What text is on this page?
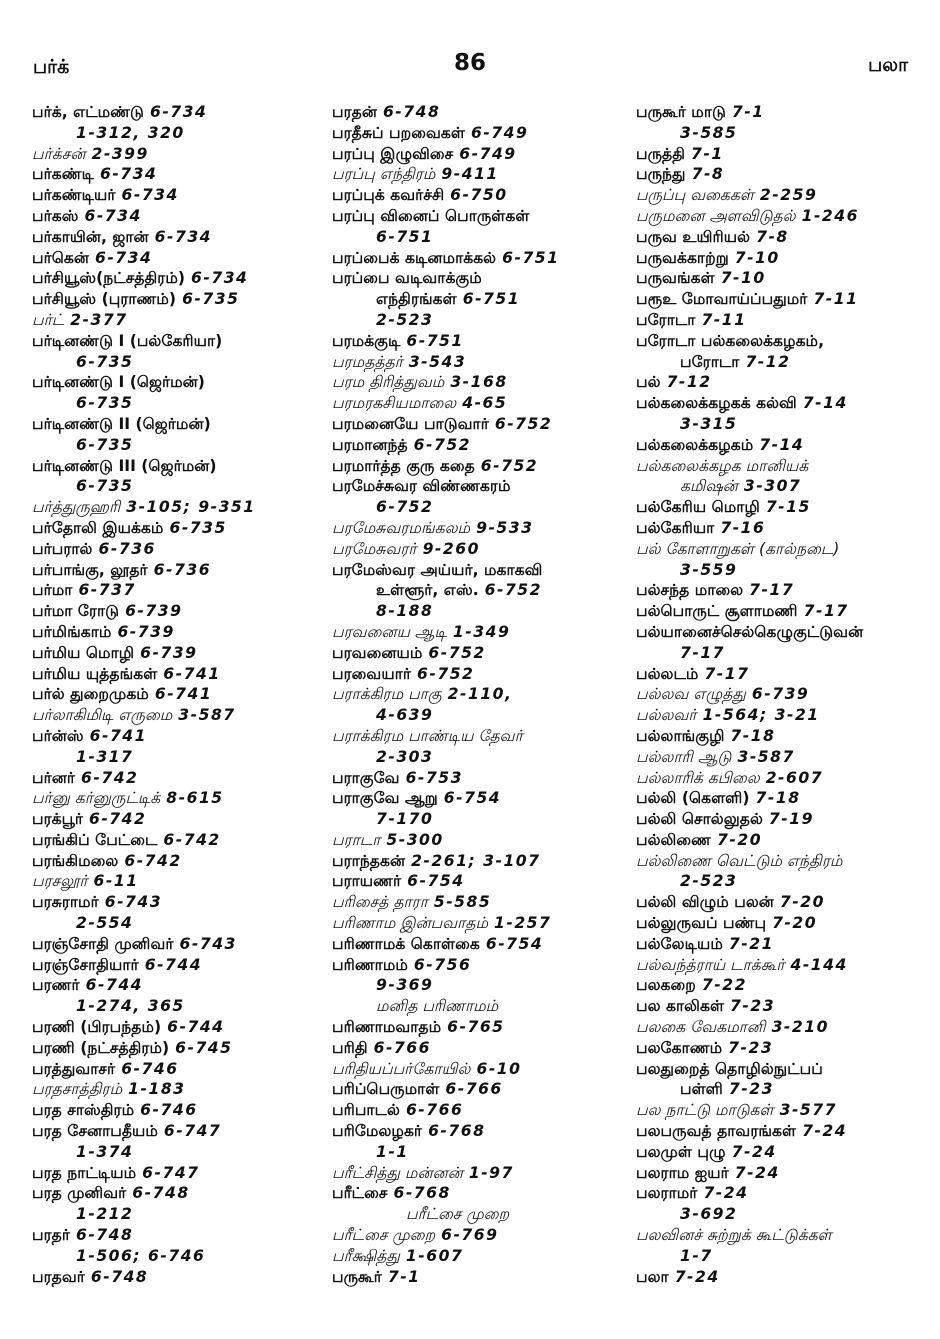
பர்க்	86	பலா
பர்க், எட்மண்டு 6-734
1-312, 320
பர்க்சன் 2-399
பர்கண்டி 6-734
பர்கண்டியர் 6-734
பர்கஸ் 6-734
பர்காயின், ஜான் 6-734
பர்கென் 6-734
பர்சியூஸ்(நட்சத்திரம்) 6-734
பர்சியூஸ் (புராணம்) 6-735
பர்ட் 2-377
பர்டினண்டு I (பல்கேரியா)
6-735
பர்டினண்டு I (ஜெர்மன்)
6-735
பர்டினண்டு II (ஜெர்மன்)
6-735
பர்டினண்டு III (ஜெர்மன்)
6-735
பர்த்துருஹரி 3-105; 9-351
பர்தோலி இயக்கம் 6-735
பர்பரால் 6-736
பர்பாங்கு, லூதர் 6-736
பர்மா 6-737
பர்மா ரோடு 6-739
பர்மிங்காம் 6-739
பர்மிய மொழி 6-739
பர்மிய யுத்தங்கள் 6-741
பர்ல் துறைமுகம் 6-741
பர்லாகிமிடி எருமை 3-587
பர்ன்ஸ் 6-741
1-317
பர்னர் 6-742
பர்னு கர்னுருட்டிக் 8-615
பரக்பூர் 6-742
பரங்கிப் பேட்டை 6-742
பரங்கிமலை 6-742
பரசலூர் 6-11
பரசுராமர் 6-743
2-554
பரஞ்சோதி முனிவர் 6-743
பரஞ்சோதியார் 6-744
பரணர் 6-744
1-274, 365
பரணி (பிரபந்தம்) 6-744
பரணி (நட்சத்திரம்) 6-745
பரத்துவாசர் 6-746
பரதசாத்திரம் 1-183
பரத சாஸ்திரம் 6-746
பரத சேனாபதீயம் 6-747
1-374
பரத நாட்டியம் 6-747
பரத முனிவர் 6-748
1-212
பரதர் 6-748
1-506; 6-746
பரதவர் 6-748
பரதன் 6-748
பரதீசுப் பறவைகள் 6-749
பரப்பு இழுவிசை 6-749
பரப்பு எந்திரம் 9-411
பரப்புக் கவர்ச்சி 6-750
பரப்பு வினைப் பொருள்கள்
6-751
பரப்பைக் கடினமாக்கல் 6-751
பரப்பை வடிவாக்கும்
எந்திரங்கள் 6-751
2-523
பரமக்குடி 6-751
பரமதத்தர் 3-543
பரம திரித்துவம் 3-168
பரமரகசியமாலை 4-65
பரமனையே பாடுவார் 6-752
பரமானந்த் 6-752
பரமார்த்த குரு கதை 6-752
பரமேச்சுவர விண்ணகரம்
6-752
பரமேசுவரமங்கலம் 9-533
பரமேசுவரர் 9-260
பரமேஸ்வர அய்யர், மகாகவி
உள்ளூர், எஸ். 6-752
8-188
பரவனைய ஆடி 1-349
பரவனையம் 6-752
பரவையார் 6-752
பராக்கிரம பாகு 2-110,
4-639
பராக்கிரம பாண்டிய தேவர்
2-303
பராகுவே 6-753
பராகுவே ஆறு 6-754
7-170
பராடா 5-300
பராந்தகன் 2-261; 3-107
பராயணர் 6-754
பரிசைத் தாரா 5-585
பரிணாம இன்பவாதம் 1-257
பரிணாமக் கொள்கை 6-754
பரிணாமம் 6-756
9-369
மனித பரிணாமம்
பரிணாமவாதம் 6-765
பரிதி 6-766
பரிதியப்பர்கோயில் 6-10
பரிப்பெருமாள் 6-766
பரிபாடல் 6-766
பரிமேலழகர் 6-768
1-1
பரீட்சித்து மன்னன் 1-97
பரீட்சை 6-768
பரீட்சை முறை
பரீட்சை முறை 6-769
பரீக்ஷித்து 1-607
பருகூர் 7-1
பருகூர் மாடு 7-1
3-585
பருத்தி 7-1
பருந்து 7-8
பருப்பு வகைகள் 2-259
பருமனை அளவிடுதல் 1-246
பருவ உயிரியல் 7-8
பருவக்காற்று 7-10
பருவங்கள் 7-10
பரூஉ மோவாய்ப்பதுமர் 7-11
பரோடா 7-11
பரோடா பல்கலைக்கழகம்,
பரோடா 7-12
பல் 7-12
பல்கலைக்கழகக் கல்வி 7-14
3-315
பல்கலைக்கழகம் 7-14
பல்கலைக்கழக மானியக்
கமிஷன் 3-307
பல்கேரிய மொழி 7-15
பல்கேரியா 7-16
பல் கோளாறுகள் (கால்நடை)
3-559
பல்சந்த மாலை 7-17
பல்பொருட் சூளாமணி 7-17
பல்யானைச்செல்கெழுகுட்டுவன்
7-17
பல்லடம் 7-17
பல்லவ எழுத்து 6-739
பல்லவர் 1-564; 3-21
பல்லாங்குழி 7-18
பல்லாரி ஆடு 3-587
பல்லாரிக் கபிலை 2-607
பல்லி (கௌளி) 7-18
பல்லி சொல்லுதல் 7-19
பல்லிணை 7-20
பல்லிணை வெட்டும் எந்திரம்
2-523
பல்லி விழும் பலன் 7-20
பல்லுருவப் பண்பு 7-20
பல்லேடியம் 7-21
பல்வந்த்ராய் டாக்கூர் 4-144
பலகறை 7-22
பல காலிகள் 7-23
பலகை வேகமானி 3-210
பலகோணம் 7-23
பலதுறைத் தொழில்நுட்பப்
பள்ளி 7-23
பல நாட்டு மாடுகள் 3-577
பலபருவத் தாவரங்கள் 7-24
பலமுள் புழு 7-24
பலராம ஐயர் 7-24
பலராமர் 7-24
3-692
பலவினச் சுற்றுக் கூட்டுக்கள்
1-7
பலா 7-24
